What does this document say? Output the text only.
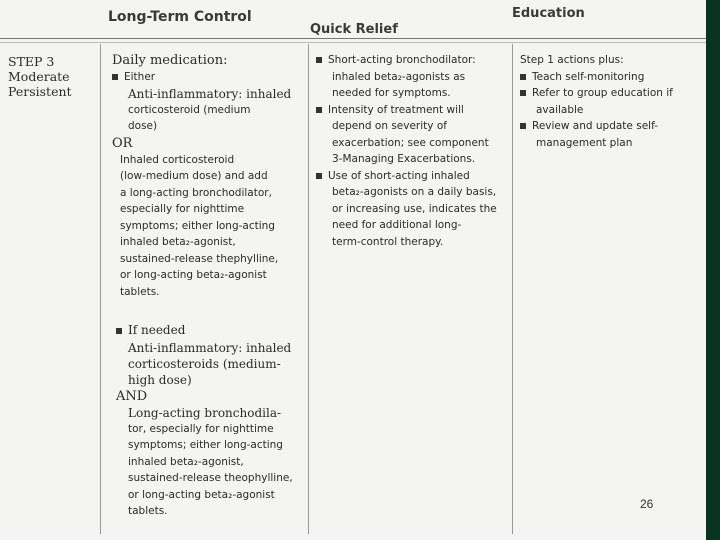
Long-Term Control
Quick Relief
Education
STEP 3
Moderate
Persistent

Daily medication:

Either

Anti-inflammatory: inhaled

corticosteroid (medium

dose)

OR

Inhaled corticosteroid

(low-medium dose) and add

a long-acting bronchodilator,

especially for nighttime

symptoms; either long-acting

inhaled beta₂-agonist,

sustained-release thephylline,

or long-acting beta₂-agonist

tablets.

If needed

Anti-inflammatory: inhaled

corticosteroids (medium-

high dose)

AND

Long-acting bronchodila-

tor, especially for nighttime

symptoms; either long-acting

inhaled beta₂-agonist,

sustained-release theophylline,

or long-acting beta₂-agonist

tablets.

Short-acting bronchodilator:

inhaled beta₂-agonists as

needed for symptoms.

Intensity of treatment will

depend on severity of

exacerbation; see component

3-Managing Exacerbations.

Use of short-acting inhaled

beta₂-agonists on a daily basis,

or increasing use, indicates the

need for additional long-

term-control therapy.

Step 1 actions plus:

Teach self-monitoring

Refer to group education if

available

Review and update self-

management plan

26
